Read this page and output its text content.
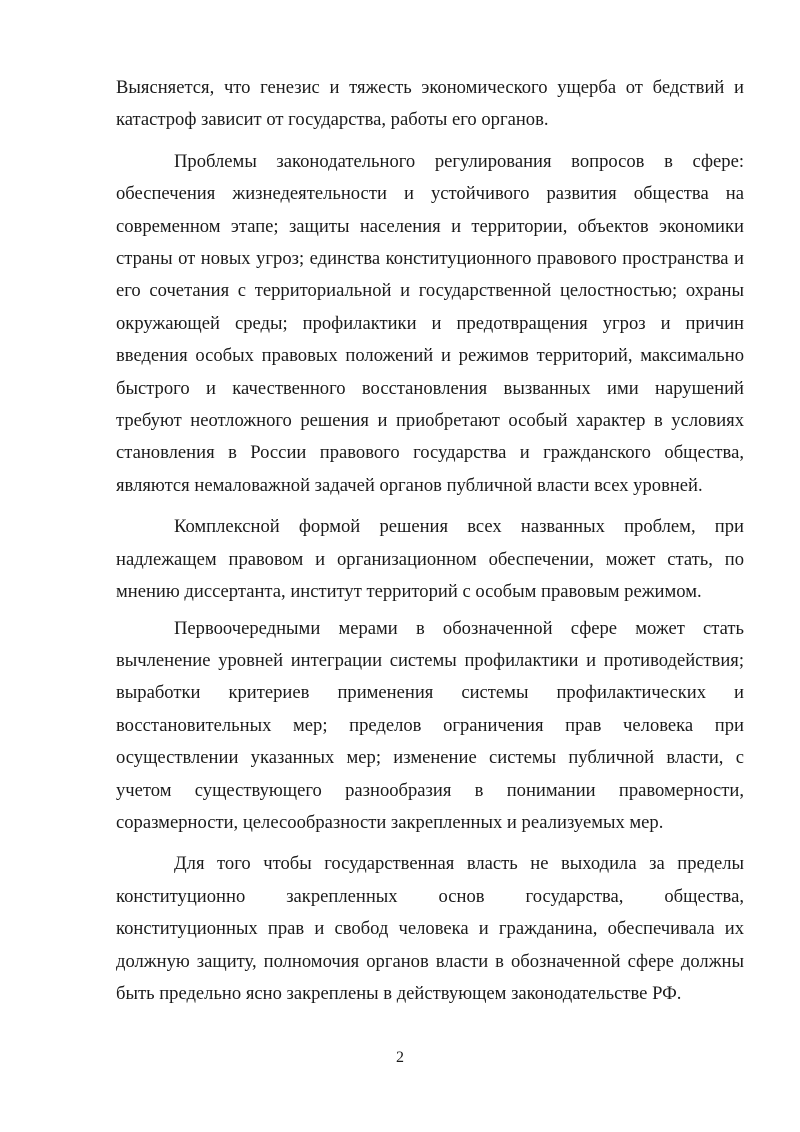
Выясняется, что генезис и тяжесть экономического ущерба от бедствий и катастроф зависит от государства, работы его органов.

Проблемы законодательного регулирования вопросов в сфере: обеспечения жизнедеятельности и устойчивого развития общества на современном этапе; защиты населения и территории, объектов экономики страны от новых угроз; единства конституционного правового пространства и его сочетания с территориальной и государственной целостностью; охраны окружающей среды; профилактики и предотвращения угроз и причин введения особых правовых положений и режимов территорий, максимально быстрого и качественного восстановления вызванных ими нарушений требуют неотложного решения и приобретают особый характер в условиях становления в России правового государства и гражданского общества, являются немаловажной задачей органов публичной власти всех уровней.

Комплексной формой решения всех названных проблем, при надлежащем правовом и организационном обеспечении, может стать, по мнению диссертанта, институт территорий с особым правовым режимом.

Первоочередными мерами в обозначенной сфере может стать вычленение уровней интеграции системы профилактики и противодействия; выработки критериев применения системы профилактических и восстановительных мер; пределов ограничения прав человека при осуществлении указанных мер; изменение системы публичной власти, с учетом существующего разнообразия в понимании правомерности, соразмерности, целесообразности закрепленных и реализуемых мер.

Для того чтобы государственная власть не выходила за пределы конституционно закрепленных основ государства, общества, конституционных прав и свобод человека и гражданина, обеспечивала их должную защиту, полномочия органов власти в обозначенной сфере должны быть предельно ясно закреплены в действующем законодательстве РФ.

2
